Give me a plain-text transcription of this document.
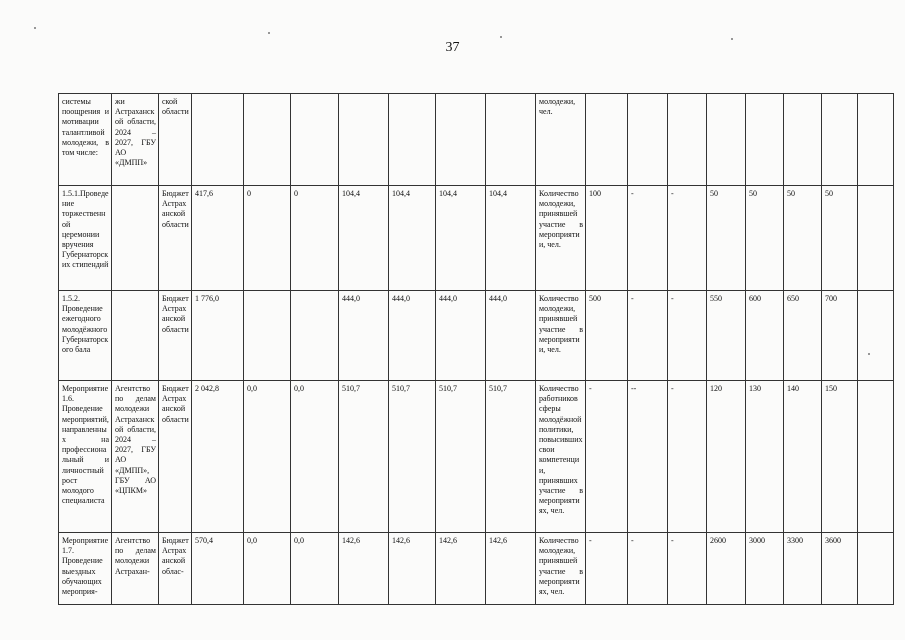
37
системы поощрения и мотивации талантливой молодежи, в том числе:	жи Астраханской области, 2024 – 2027, ГБУ АО «ДМПП»	ской области								молодежи, чел.								
1.5.1.Проведение торжественной церемонии вручения Губернаторских стипендий		Бюджет Астраханской области	417,6	0	0	104,4	104,4	104,4	104,4	Количество молодежи, принявшей участие в мероприятии, чел.	100	-	-	50	50	50	50	
1.5.2. Проведение ежегодного молодёжного Губернаторского бала		Бюджет Астраханской области	1 776,0			444,0	444,0	444,0	444,0	Количество молодежи, принявшей участие в мероприятии, чел.	500	-	-	550	600	650	700	
Мероприятие 1.6. Проведение мероприятий, направленных на профессиональный и личностный рост молодого специалиста	Агентство по делам молодежи Астраханской области, 2024 – 2027, ГБУ АО «ДМПП», ГБУ АО «ЦПКМ»	Бюджет Астраханской области	2 042,8	0,0	0,0	510,7	510,7	510,7	510,7	Количество работников сферы молодёжной политики, повысивших свои компетенции, принявших участие в мероприятиях, чел.	-	--	-	120	130	140	150	
Мероприятие 1.7. Проведение выездных обучающих мероприя-	Агентство по делам молодежи Астрахан-	Бюджет Астраханской облас-	570,4	0,0	0,0	142,6	142,6	142,6	142,6	Количество молодежи, принявшей участие в мероприятиях, чел.	-	-	-	2600	3000	3300	3600	
